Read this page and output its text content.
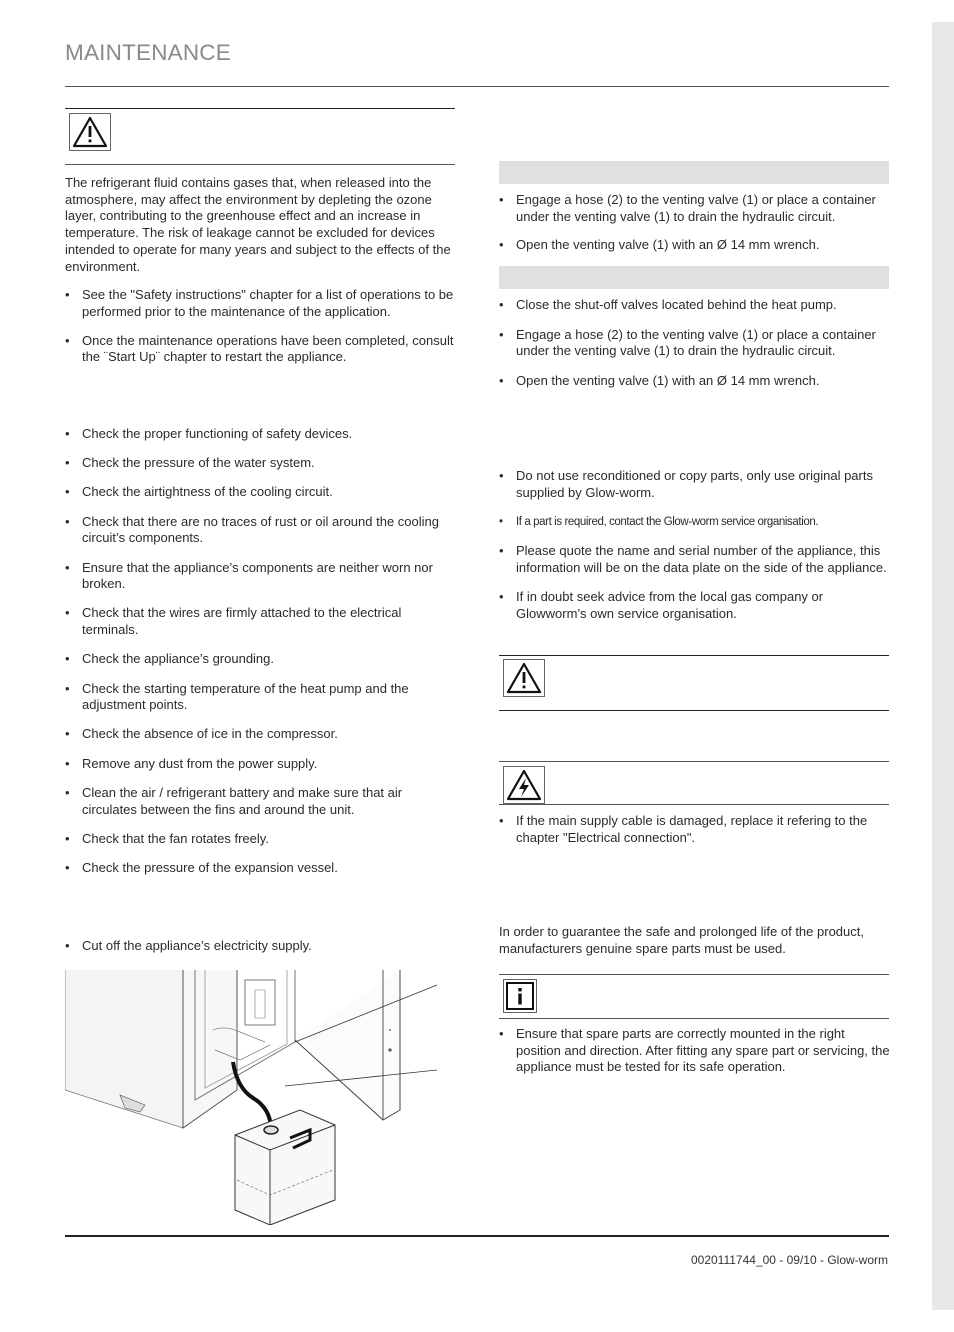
MAINTENANCE

The refrigerant fluid contains gases that, when released into the atmosphere, may affect the environment by depleting the ozone layer, contributing to the greenhouse effect and an increase in temperature. The risk of leakage cannot be excluded for devices intended to operate for many years and subject to the effects of the environment.

• See the "Safety instructions" chapter for a list of operations to be performed prior to the maintenance of the application.
• Once the maintenance operations have been completed, consult the ¨Start Up¨ chapter to restart the appliance.
• Check the proper functioning of safety devices.
• Check the pressure of the water system.
• Check the airtightness of the cooling circuit.
• Check that there are no traces of rust or oil around the cooling circuit’s components.
• Ensure that the appliance’s components are neither worn nor broken.
• Check that the wires are firmly attached to the electrical terminals.
• Check the appliance’s grounding.
• Check the starting temperature of the heat pump and the adjustment points.
• Check the absence of ice in the compressor.
• Remove any dust from the power supply.
• Clean the air / refrigerant battery and make sure that air circulates between the fins and around the unit.
• Check that the fan rotates freely.
• Check the pressure of the expansion vessel.
• Cut off the appliance’s electricity supply.
• Engage a hose (2) to the venting valve (1) or place a container under the venting valve (1) to drain the hydraulic circuit.
• Open the venting valve (1) with an Ø 14 mm wrench.
• Close the shut-off valves located behind the heat pump.
• Engage a hose (2) to the venting valve (1) or place a container under the venting valve (1) to drain the hydraulic circuit.
• Open the venting valve (1) with an Ø 14 mm wrench.
• Do not use reconditioned or copy parts, only use original parts supplied by Glow-worm.
• If a part is required, contact the Glow-worm service organisation.
• Please quote the name and serial number of the appliance, this information will be on the data plate on the side of the appliance.
• If in doubt seek advice from the local gas company or Glowworm’s own service organisation.
• If the main supply cable is damaged, replace it refering to the chapter "Electrical connection".

In order to guarantee the safe and prolonged life of the product, manufacturers genuine spare parts must be used.

• Ensure that spare parts are correctly mounted in the right position and direction. After fitting any spare part or servicing, the appliance must be tested for its safe operation.
0020111744_00 - 09/10 - Glow-worm
